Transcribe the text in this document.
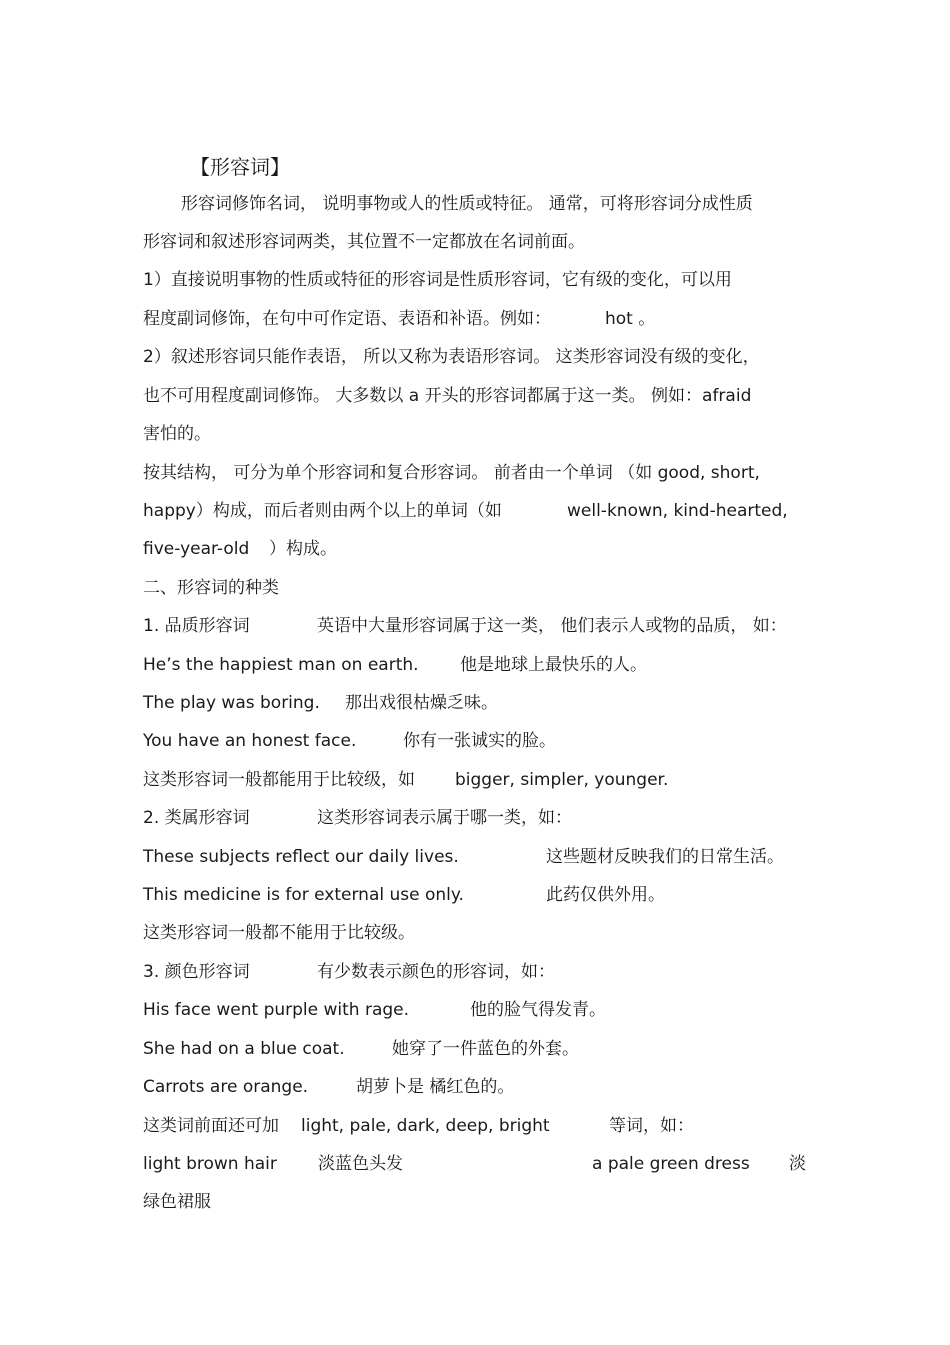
【形容词】
形容词修饰名词， 说明事物或人的性质或特征。 通常，可将形容词分成性质
形容词和叙述形容词两类，其位置不一定都放在名词前面。
1）直接说明事物的性质或特征的形容词是性质形容词，它有级的变化，可以用
程度副词修饰，在句中可作定语、表语和补语。例如：	hot 。
2）叙述形容词只能作表语， 所以又称为表语形容词。 这类形容词没有级的变化，
也不可用程度副词修饰。 大多数以 a 开头的形容词都属于这一类。 例如：afraid
害怕的。
按其结构， 可分为单个形容词和复合形容词。 前者由一个单词 （如 good, short,
happy）构成，而后者则由两个以上的单词（如	well-known, kind-hearted,
five-year-old ）构成。
二、形容词的种类
1. 品质形容词	英语中大量形容词属于这一类， 他们表示人或物的品质， 如：
He’s the happiest man on earth. 他是地球上最快乐的人。
The play was boring. 那出戏很枯燥乏味。
You have an honest face.	你有一张诚实的脸。
这类形容词一般都能用于比较级，如 bigger, simpler, younger.
2. 类属形容词	这类形容词表示属于哪一类，如：
These subjects reflect our daily lives.	这些题材反映我们的日常生活。
This medicine is for external use only.	此药仅供外用。
这类形容词一般都不能用于比较级。
3. 颜色形容词	有少数表示颜色的形容词，如：
His face went purple with rage.	他的脸气得发青。
She had on a blue coat.	她穿了一件蓝色的外套。
Carrots are orange.	胡萝卜是 橘红色的。
这类词前面还可加 light, pale, dark, deep, bright	等词，如：
light brown hair 淡蓝色头发	a pale green dress 淡
绿色裙服
